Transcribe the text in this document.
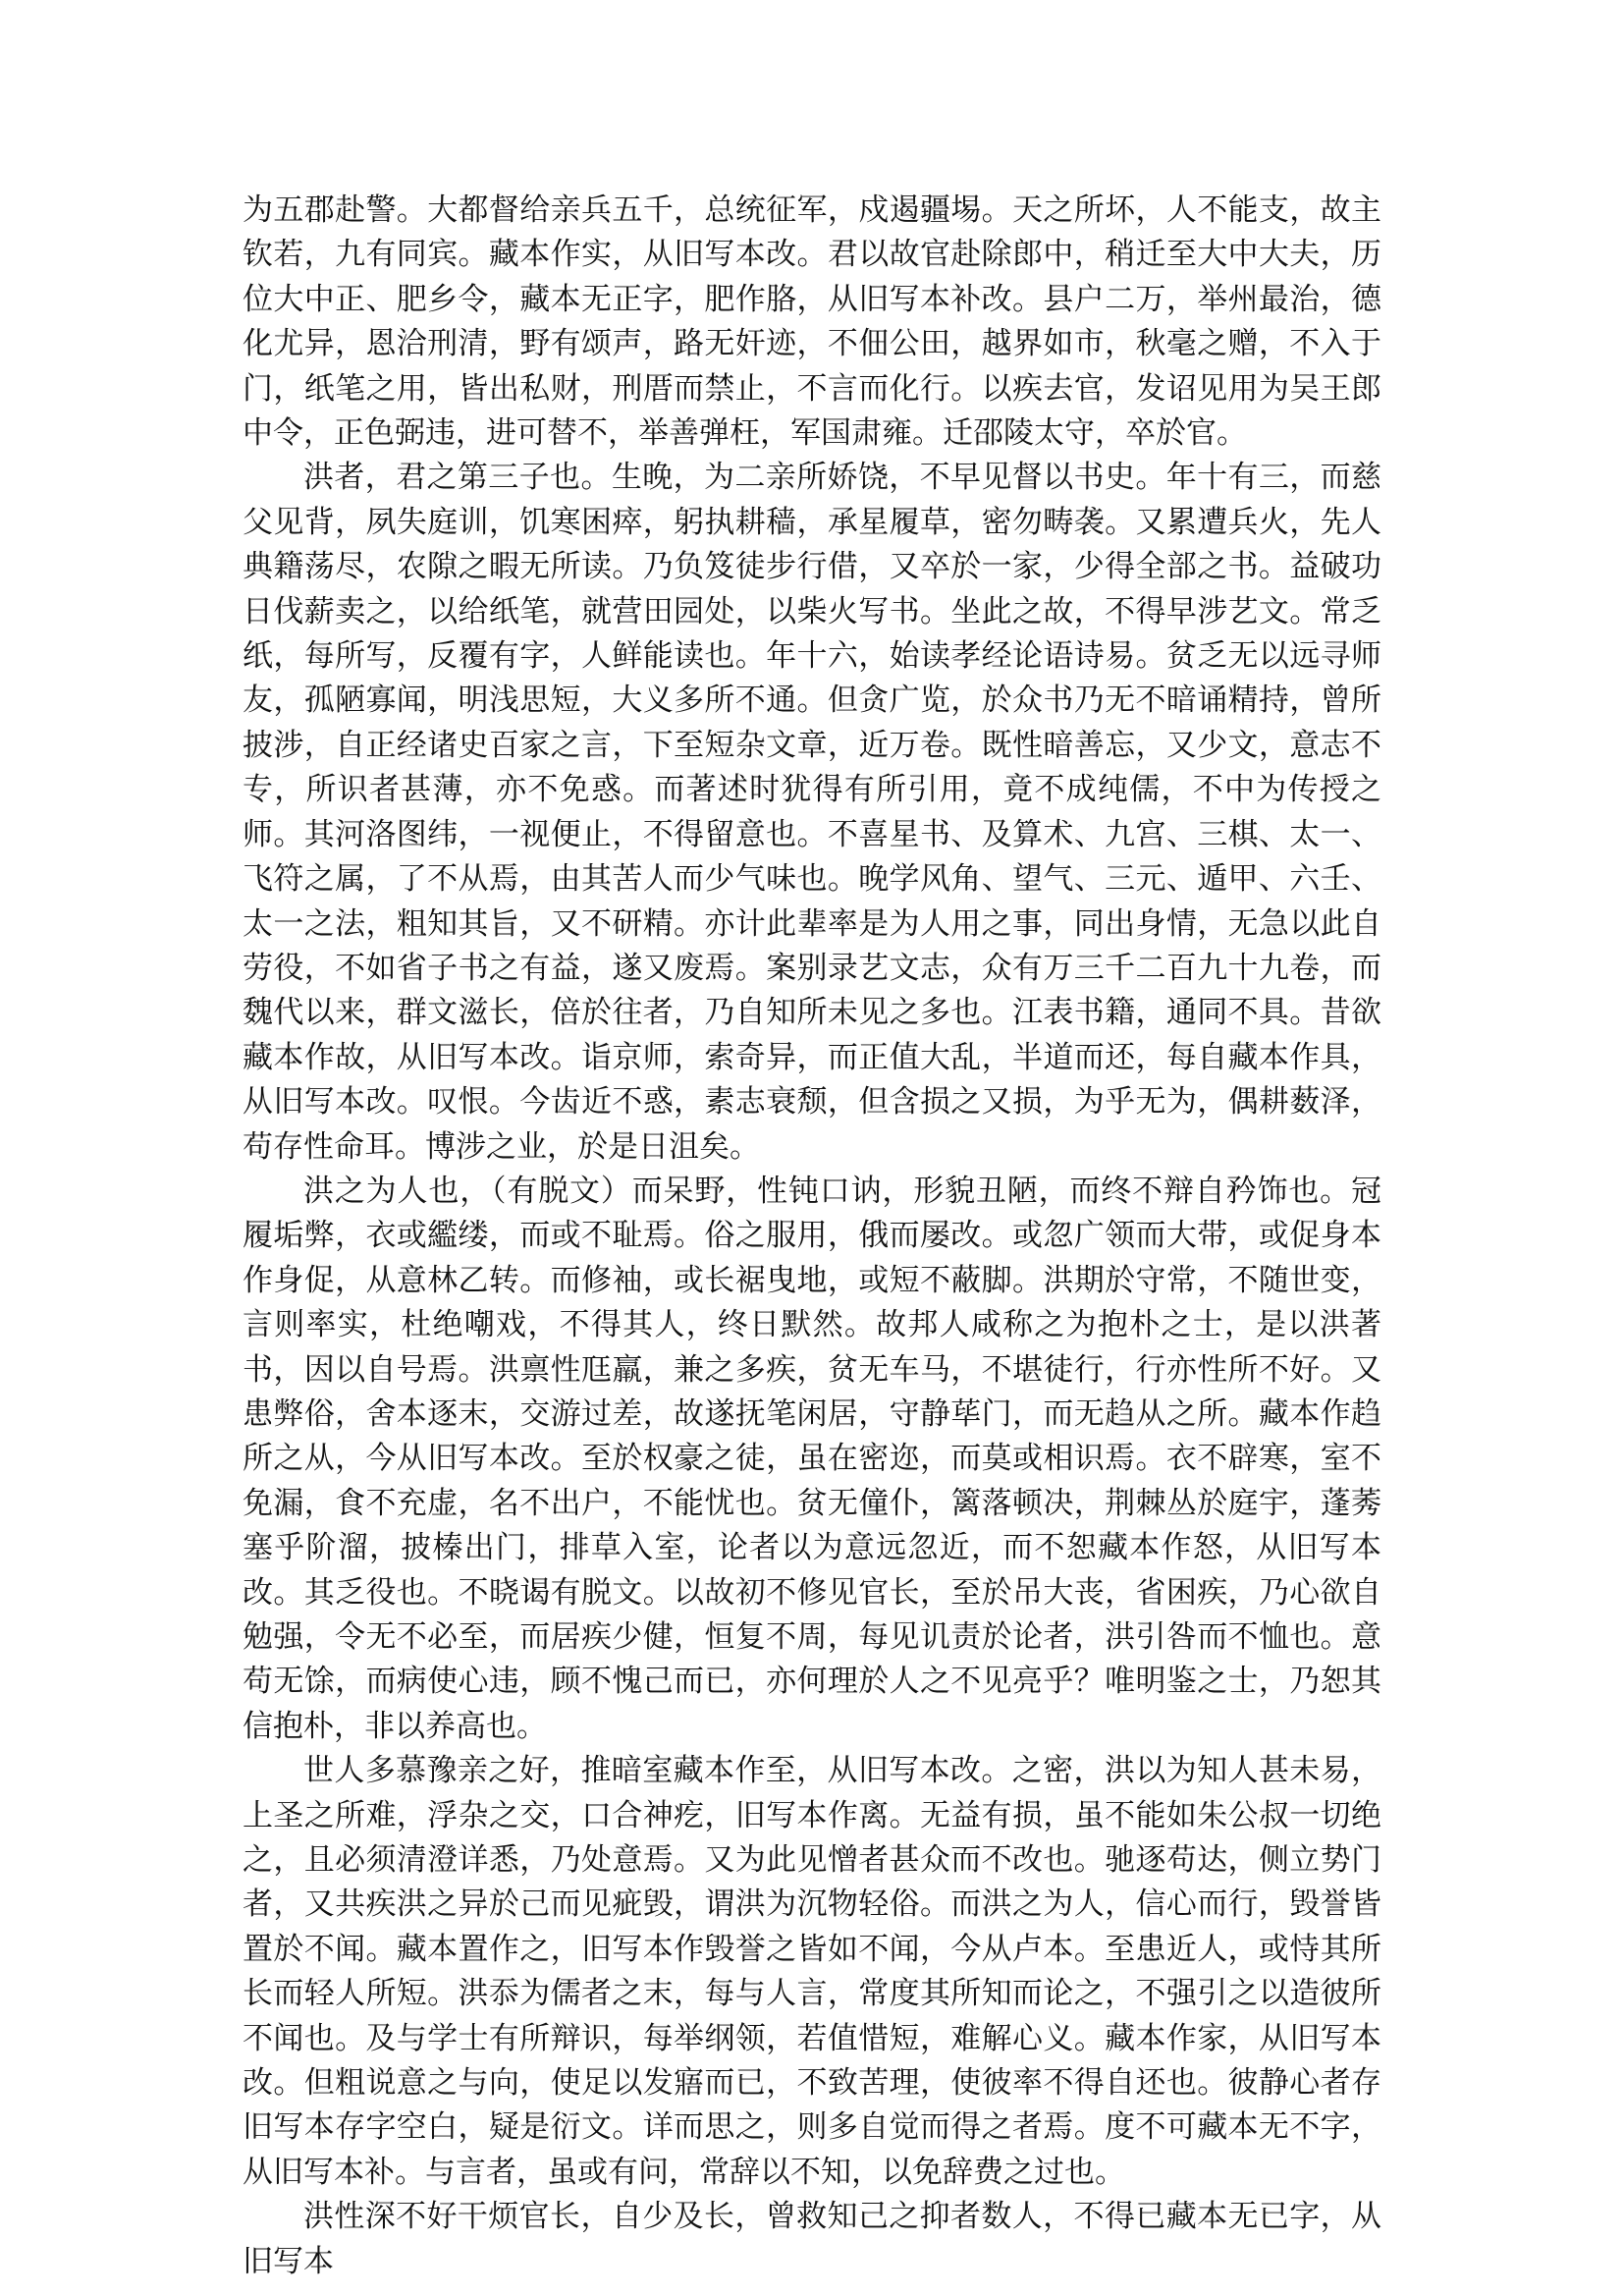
为五郡赴警。大都督给亲兵五千，总统征军，戍遏疆埸。天之所坏，人不能支，故主钦若，九有同宾。藏本作实，从旧写本改。君以故官赴除郎中，稍迁至大中大夫，历位大中正、肥乡令，藏本无正字，肥作胳，从旧写本补改。县户二万，举州最治，德化尤异，恩洽刑清，野有颂声，路无奸迹，不佃公田，越界如市，秋毫之赠，不入于门，纸笔之用，皆出私财，刑厝而禁止，不言而化行。以疾去官，发诏见用为吴王郎中令，正色弼违，进可替不，举善弹枉，军国肃雍。迁邵陵太守，卒於官。

洪者，君之第三子也。生晚，为二亲所娇饶，不早见督以书史。年十有三，而慈父见背，夙失庭训，饥寒困瘁，躬执耕穑，承星履草，密勿畴袭。又累遭兵火，先人典籍荡尽，农隙之暇无所读。乃负笈徒步行借，又卒於一家，少得全部之书。益破功日伐薪卖之，以给纸笔，就营田园处，以柴火写书。坐此之故，不得早涉艺文。常乏纸，每所写，反覆有字，人鲜能读也。年十六，始读孝经论语诗易。贫乏无以远寻师友，孤陋寡闻，明浅思短，大义多所不通。但贪广览，於众书乃无不暗诵精持，曾所披涉，自正经诸史百家之言，下至短杂文章，近万卷。既性暗善忘，又少文，意志不专，所识者甚薄，亦不免惑。而著述时犹得有所引用，竟不成纯儒，不中为传授之师。其河洛图纬，一视便止，不得留意也。不喜星书、及算术、九宫、三棋、太一、飞符之属，了不从焉，由其苦人而少气味也。晚学风角、望气、三元、遁甲、六壬、太一之法，粗知其旨，又不研精。亦计此辈率是为人用之事，同出身情，无急以此自劳役，不如省子书之有益，遂又废焉。案别录艺文志，众有万三千二百九十九卷，而魏代以来，群文滋长，倍於往者，乃自知所未见之多也。江表书籍，通同不具。昔欲藏本作故，从旧写本改。诣京师，索奇异，而正值大乱，半道而还，每自藏本作具，从旧写本改。叹恨。今齿近不惑，素志衰颓，但含损之又损，为乎无为，偶耕薮泽，苟存性命耳。博涉之业，於是日沮矣。

洪之为人也，（有脱文）而呆野，性钝口讷，形貌丑陋，而终不辩自矜饰也。冠履垢弊，衣或繿缕，而或不耻焉。俗之服用，俄而屡改。或忽广领而大带，或促身本作身促，从意林乙转。而修袖，或长裾曳地，或短不蔽脚。洪期於守常，不随世变，言则率实，杜绝嘲戏，不得其人，终日默然。故邦人咸称之为抱朴之士，是以洪著书，因以自号焉。洪禀性尫羸，兼之多疾，贫无车马，不堪徒行，行亦性所不好。又患弊俗，舍本逐末，交游过差，故遂抚笔闲居，守静荜门，而无趋从之所。藏本作趋所之从，今从旧写本改。至於权豪之徒，虽在密迩，而莫或相识焉。衣不辟寒，室不免漏，食不充虚，名不出户，不能忧也。贫无僮仆，篱落顿决，荆棘丛於庭宇，蓬莠塞乎阶溜，披榛出门，排草入室，论者以为意远忽近，而不恕藏本作怒，从旧写本改。其乏役也。不晓谒有脱文。以故初不修见官长，至於吊大丧，省困疾，乃心欲自勉强，令无不必至，而居疾少健，恒复不周，每见讥责於论者，洪引咎而不恤也。意苟无馀，而病使心违，顾不愧己而已，亦何理於人之不见亮乎？唯明鉴之士，乃恕其信抱朴，非以养高也。

世人多慕豫亲之好，推暗室藏本作至，从旧写本改。之密，洪以为知人甚未易，上圣之所难，浮杂之交，口合神疙，旧写本作离。无益有损，虽不能如朱公叔一切绝之，且必须清澄详悉，乃处意焉。又为此见憎者甚众而不改也。驰逐苟达，侧立势门者，又共疾洪之异於己而见疵毁，谓洪为沉物轻俗。而洪之为人，信心而行，毁誉皆置於不闻。藏本置作之，旧写本作毁誉之皆如不闻，今从卢本。至患近人，或恃其所长而轻人所短。洪忝为儒者之末，每与人言，常度其所知而论之，不强引之以造彼所不闻也。及与学士有所辩识，每举纲领，若值惜短，难解心义。藏本作家，从旧写本改。但粗说意之与向，使足以发寤而已，不致苦理，使彼率不得自还也。彼静心者存旧写本存字空白，疑是衍文。详而思之，则多自觉而得之者焉。度不可藏本无不字，从旧写本补。与言者，虽或有问，常辞以不知，以免辞费之过也。

洪性深不好干烦官长，自少及长，曾救知己之抑者数人，不得已藏本无已字，从旧写本
